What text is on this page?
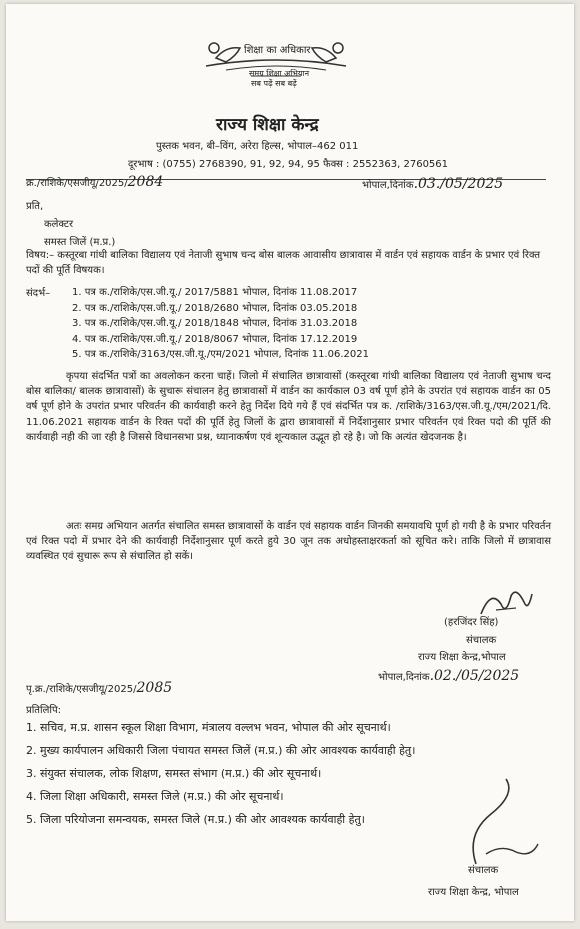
शिक्षा का अधिकार
समग्र शिक्षा अभियान
सब पढ़ें सब बढ़ें
राज्य शिक्षा केन्द्र
पुस्तक भवन, बी–विंग, अरेरा हिल्स, भोपाल–462 011
दूरभाष : (0755) 2768390, 91, 92, 94, 95 फैक्स : 2552363, 2760561
क्र./राशिके/एसजीयू/2025/2084	भोपाल,दिनांक.03./05/2025
प्रति,
कलेक्टर
समस्त जिलें (म.प्र.)
विषय:– कस्तूरबा गांधी बालिका विद्यालय एवं नेताजी सुभाष चन्द बोस बालक आवासीय छात्रावास में वार्डन एवं सहायक वार्डन के प्रभार एवं रिक्त पदों की पूर्ति विषयक।
संदर्भ– 1. पत्र क./राशिके/एस.जी.यू./ 2017/5881 भोपाल, दिनांक 11.08.2017
2. पत्र क./राशिके/एस.जी.यू./ 2018/2680 भोपाल, दिनांक 03.05.2018
3. पत्र क./राशिके/एस.जी.यू./ 2018/1848 भोपाल, दिनांक 31.03.2018
4. पत्र क./राशिके/एस.जी.यू./ 2018/8067 भोपाल, दिनांक 17.12.2019
5. पत्र क./राशिके/3163/एस.जी.यू./एम/2021 भोपाल, दिनांक 11.06.2021
कृपया संदर्भित पत्रों का अवलोकन करना चाहें। जिलो में संचालित छात्रावासों (कस्तूरबा गांधी बालिका विद्यालय एवं नेताजी सुभाष चन्द बोस बालिका/ बालक छात्रावासों) के सुचारू संचालन हेतु छात्रावासों में वार्डन का कार्यकाल 03 वर्ष पूर्ण होने के उपरांत एवं सहायक वार्डन का 05 वर्ष पूर्ण होने के उपरांत प्रभार परिवर्तन की कार्यवाही करने हेतु निर्देश दिये गये हैं एवं संदर्भित पत्र क. /राशिके/3163/एस.जी.यू./एम/2021/दि. 11.06.2021 सहायक वार्डन के रिक्त पदों की पूर्ति हेतु जिलों के द्वारा छात्रावासों में निर्देशानुसार प्रभार परिवर्तन एवं रिक्त पदो की पूर्ति की कार्यवाही नही की जा रही है जिससे विधानसभा प्रश्न, ध्यानाकर्षण एवं शून्यकाल उद्भूत हो रहे है। जो कि अत्यंत खेदजनक है।
अतः समग्र अभियान अतर्गत संचालित समस्त छात्रावासों के वार्डन एवं सहायक वार्डन जिनकी समयावधि पूर्ण हो गयी है के प्रभार परिवर्तन एवं रिक्त पदो में प्रभार देने की कार्यवाही निर्देशानुसार पूर्ण करते हुये 30 जून तक अधोहस्ताक्षरकर्ता को सूचित करे। ताकि जिलो में छात्रावास व्यवस्थित एवं सुचारू रूप से संचालित हो सकें।
(हरजिंदर सिंह)
संचालक
राज्य शिक्षा केन्द्र,भोपाल
पृ.क्र./राशिके/एसजीयू/2025/2085
भोपाल,दिनांक.02./05/2025
प्रतिलिपि:
1. सचिव, म.प्र. शासन स्कूल शिक्षा विभाग, मंत्रालय वल्लभ भवन, भोपाल की ओर सूचनार्थ।
2. मुख्य कार्यपालन अधिकारी जिला पंचायत समस्त जिलें (म.प्र.) की ओर आवश्यक कार्यवाही हेतु।
3. संयुक्त संचालक, लोक शिक्षण, समस्त संभाग (म.प्र.) की ओर सूचनार्थ।
4. जिला शिक्षा अधिकारी, समस्त जिले (म.प्र.) की ओर सूचनार्थ।
5. जिला परियोजना समन्वयक, समस्त जिले (म.प्र.) की ओर आवश्यक कार्यवाही हेतु।
संचालक
राज्य शिक्षा केन्द्र, भोपाल
